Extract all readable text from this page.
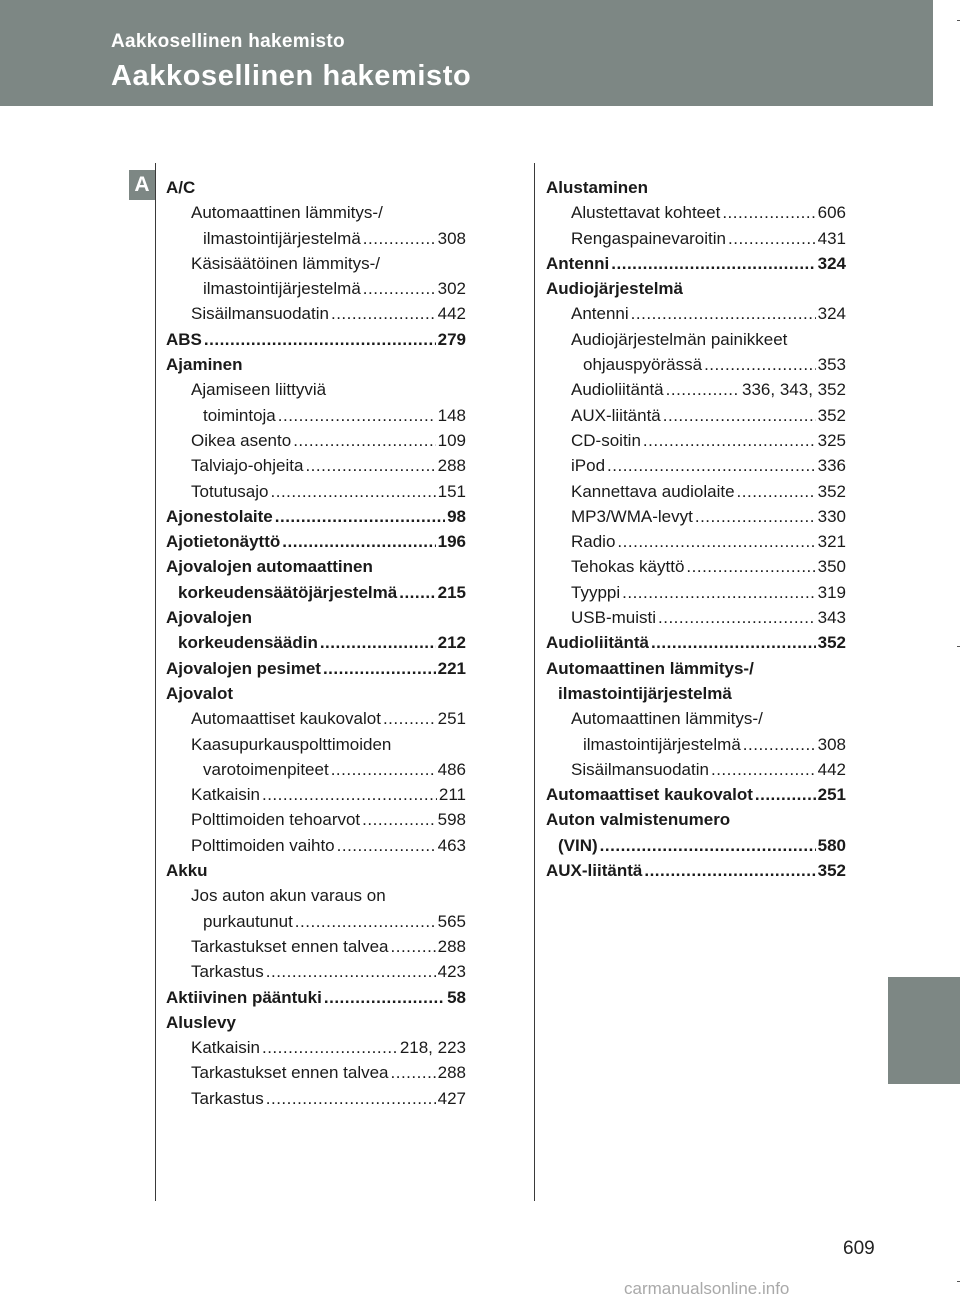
Aakkosellinen hakemisto
Aakkosellinen hakemisto
A A/C
Automaattinen lämmitys-/
ilmastointijärjestelmä .....	308
Käsisäätöinen lämmitys-/
ilmastointijärjestelmä .....	302
Sisäilmansuodatin .....	442
ABS .....	279
Ajaminen
Ajamiseen liittyviä
toimintoja .....	148
Oikea asento .....	109
Talviajo-ohjeita .....	288
Totutusajo .....	151
Ajonestolaite .....	98
Ajotietonäyttö .....	196
Ajovalojen automaattinen
korkeudensäätöjärjestelmä ..... 215
Ajovalojen
korkeudensäädin .....	212
Ajovalojen pesimet .....	221
Ajovalot
Automaattiset kaukovalot .....	251
Kaasupurkauspolttimoiden
varotoimenpiteet .....	486
Katkaisin .....	211
Polttimoiden tehoarvot .....	598
Polttimoiden vaihto .....	463
Akku
Jos auton akun varaus on
purkautunut .....	565
Tarkastukset ennen talvea .....	288
Tarkastus .....	423
Aktiivinen pääntuki .....	58
Aluslevy
Katkaisin .....	218, 223
Tarkastukset ennen talvea .....	288
Tarkastus .....	427
Alustaminen
Alustettavat kohteet .....	606
Rengaspainevaroitin .....	431
Antenni .....	324
Audiojärjestelmä
Antenni .....	324
Audiojärjestelmän painikkeet
ohjauspyörässä .....	353
Audioliitäntä .....	336, 343, 352
AUX-liitäntä .....	352
CD-soitin .....	325
iPod .....	336
Kannettava audiolaite .....	352
MP3/WMA-levyt .....	330
Radio .....	321
Tehokas käyttö .....	350
Tyyppi .....	319
USB-muisti .....	343
Audioliitäntä .....	352
Automaattinen lämmitys-/
ilmastointijärjestelmä
Automaattinen lämmitys-/
ilmastointijärjestelmä .....	308
Sisäilmansuodatin .....	442
Automaattiset kaukovalot .....	251
Auton valmistenumero
(VIN) .....	580
AUX-liitäntä .....	352
609
carmanualsonline.info
